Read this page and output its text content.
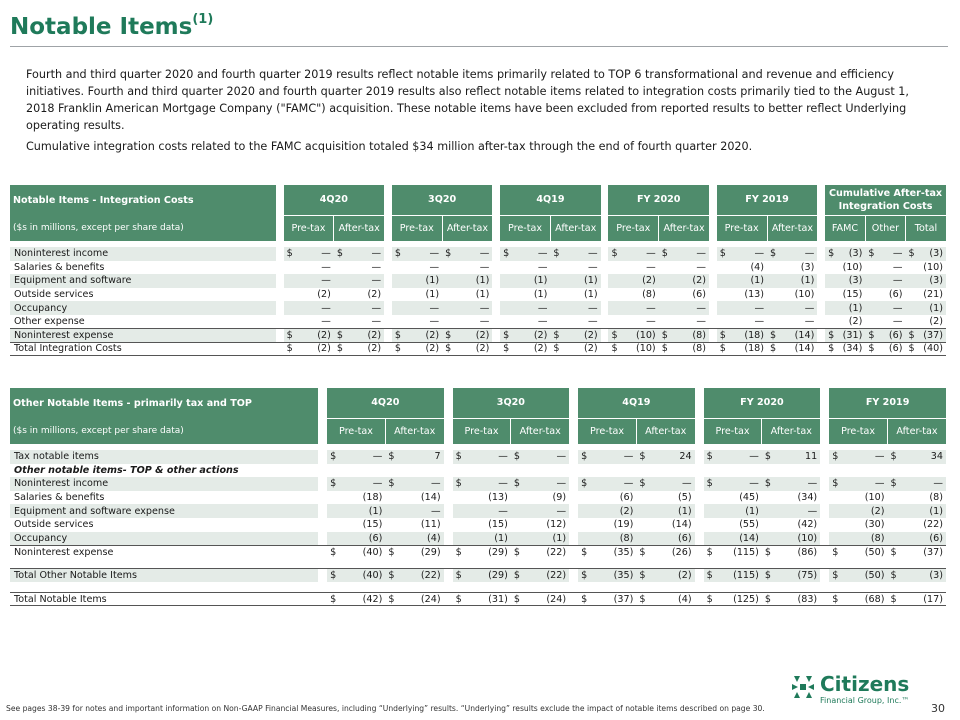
Notable Items$^{(1)}$

Fourth and third quarter 2020 and fourth quarter 2019 results reflect notable items primarily related to TOP 6 transformational and revenue and efficiency initiatives. Fourth and third quarter 2020 and fourth quarter 2019 results also reflect notable items related to integration costs primarily tied to the August 1, 2018 Franklin American Mortgage Company ("FAMC") acquisition. These notable items have been excluded from reported results to better reflect Underlying operating results.

Cumulative integration costs related to the FAMC acquisition totaled $34 million after-tax through the end of fourth quarter 2020.

Notable Items - Integration Costs		4Q20					3Q20					4Q19					FY 2020					FY 2019					Cumulative After-tax Integration Costs					
($s in millions, except per share data)		Pre-tax		After-tax			Pre-tax		After-tax			Pre-tax		After-tax			Pre-tax		After-tax			Pre-tax		After-tax			FAMC		Other		Total	

Noninterest income		$	—	$	—		$	—	$	—		$	—	$	—		$	—	$	—		$	—	$	—		$	(3)	$	—	$	(3)
Salaries & benefits			—		—			—		—			—		—			—		—			(4)		(3)			(10)		—		(10)
Equipment and software			—		—			(1)		(1)			(1)		(1)			(2)		(2)			(1)		(1)			(3)		—		(3)
Outside services			(2)		(2)			(1)		(1)			(1)		(1)			(8)		(6)			(13)		(10)			(15)		(6)		(21)
Occupancy			—		—			—		—			—		—			—		—			—		—			(1)		—		(1)
Other expense			—		—			—		—			—		—			—		—			—		—			(2)		—		(2)
Noninterest expense		$	(2)	$	(2)		$	(2)	$	(2)		$	(2)	$	(2)		$	(10)	$	(8)		$	(18)	$	(14)		$	(31)	$	(6)	$	(37)
Total Integration Costs		$	(2)	$	(2)		$	(2)	$	(2)		$	(2)	$	(2)		$	(10)	$	(8)		$	(18)	$	(14)		$	(34)	$	(6)	$	(40)
Other Notable Items - primarily tax and TOP		4Q20					3Q20					4Q19					FY 2020					FY 2019			
($s in millions, except per share data)		Pre-tax		After-tax			Pre-tax		After-tax			Pre-tax		After-tax			Pre-tax		After-tax			Pre-tax		After-tax	

Tax notable items		$	—	$	7		$	—	$	—		$	—	$	24		$	—	$	11		$	—	$	34
Other notable items- TOP & other actions																									
Noninterest income		$	—	$	—		$	—	$	—		$	—	$	—		$	—	$	—		$	—	$	—
Salaries & benefits			(18)		(14)			(13)		(9)			(6)		(5)			(45)		(34)			(10)		(8)
Equipment and software expense			(1)		—			—		—			(2)		(1)			(1)		—			(2)		(1)
Outside services			(15)		(11)			(15)		(12)			(19)		(14)			(55)		(42)			(30)		(22)
Occupancy			(6)		(4)			(1)		(1)			(8)		(6)			(14)		(10)			(8)		(6)
Noninterest expense		$	(40)	$	(29)		$	(29)	$	(22)		$	(35)	$	(26)		$	(115)	$	(86)		$	(50)	$	(37)

Total Other Notable Items		$	(40)	$	(22)		$	(29)	$	(22)		$	(35)	$	(2)		$	(115)	$	(75)		$	(50)	$	(3)

Total Notable Items		$	(42)	$	(24)		$	(31)	$	(24)		$	(37)	$	(4)		$	(125)	$	(83)		$	(68)	$	(17)
See pages 38-39 for notes and important information on Non-GAAP Financial Measures, including “Underlying” results. “Underlying” results exclude the impact of notable items described on page 30.	30
Citizens
Financial Group, Inc.™
